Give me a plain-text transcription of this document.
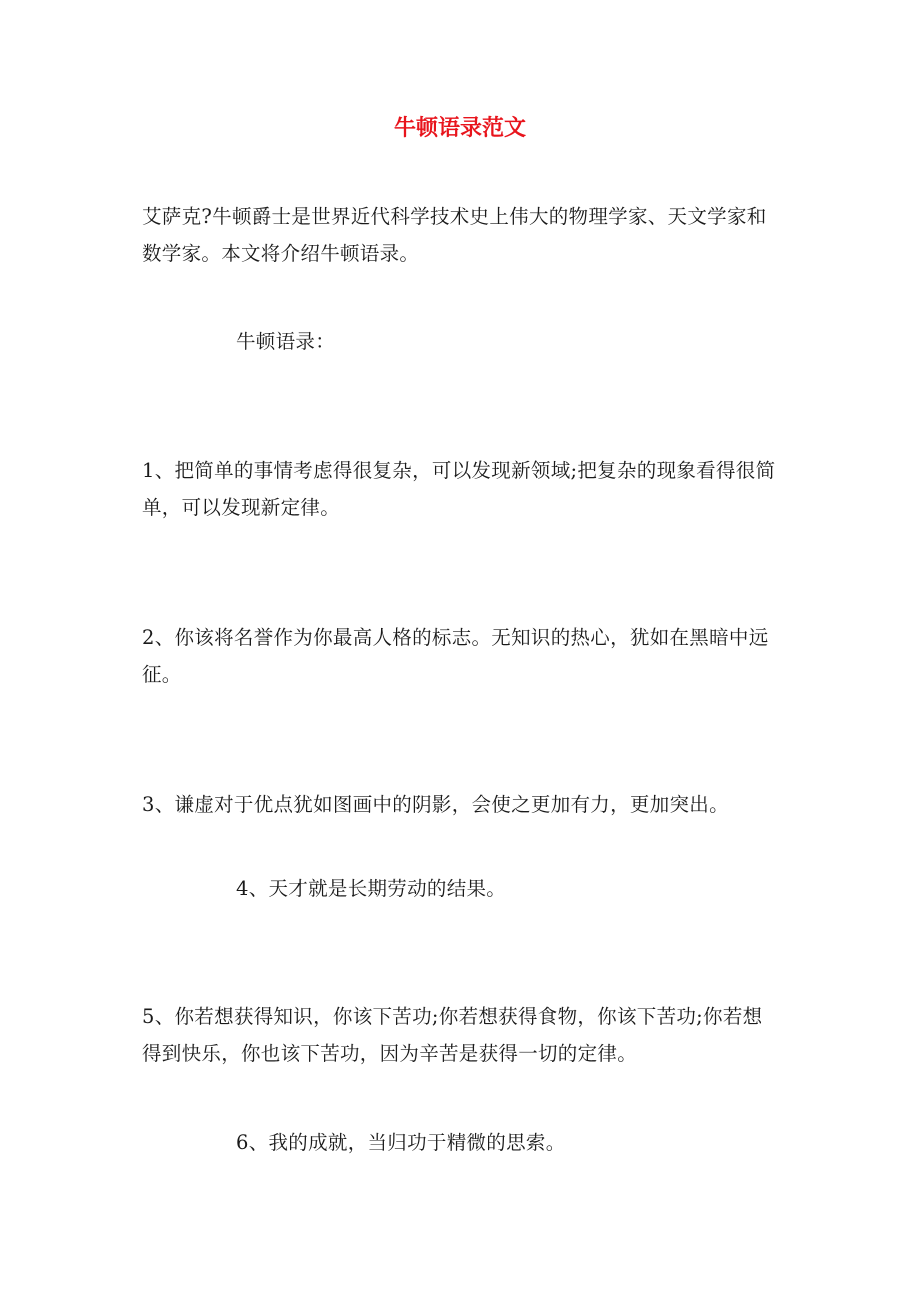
牛顿语录范文

艾萨克?牛顿爵士是世界近代科学技术史上伟大的物理学家、天文学家和数学家。本文将介绍牛顿语录。

牛顿语录：

1、把简单的事情考虑得很复杂，可以发现新领域;把复杂的现象看得很简单，可以发现新定律。

2、你该将名誉作为你最高人格的标志。无知识的热心，犹如在黑暗中远征。

3、谦虚对于优点犹如图画中的阴影，会使之更加有力，更加突出。

4、天才就是长期劳动的结果。

5、你若想获得知识，你该下苦功;你若想获得食物，你该下苦功;你若想得到快乐，你也该下苦功，因为辛苦是获得一切的定律。

6、我的成就，当归功于精微的思索。
